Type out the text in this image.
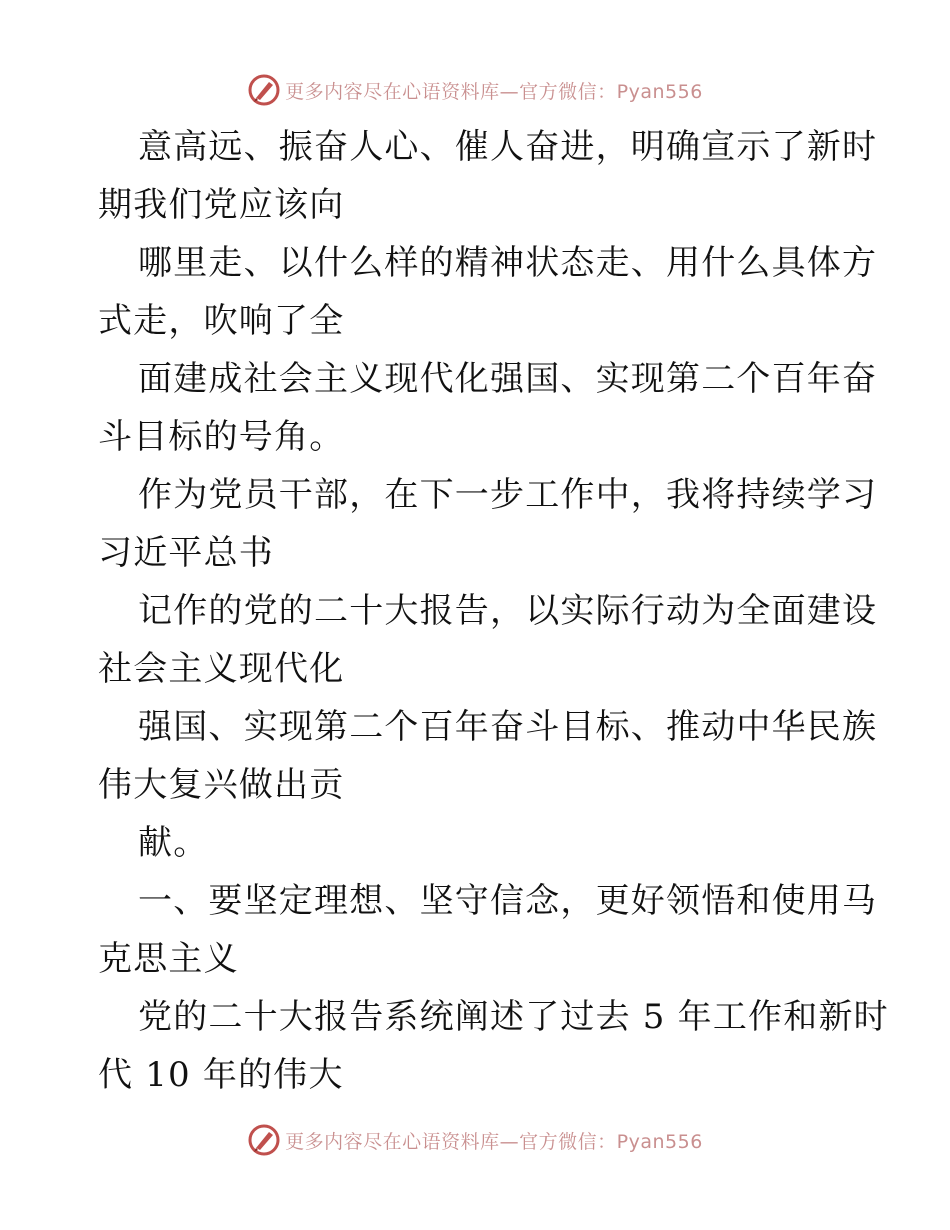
更多内容尽在心语资料库—官方微信：Pyan556
意高远、振奋人心、催人奋进，明确宣示了新时
期我们党应该向
哪里走、以什么样的精神状态走、用什么具体方
式走，吹响了全
面建成社会主义现代化强国、实现第二个百年奋
斗目标的号角。
作为党员干部，在下一步工作中，我将持续学习
习近平总书
记作的党的二十大报告，以实际行动为全面建设
社会主义现代化
强国、实现第二个百年奋斗目标、推动中华民族
伟大复兴做出贡
献。
一、要坚定理想、坚守信念，更好领悟和使用马
克思主义
党的二十大报告系统阐述了过去 5 年工作和新时
代 10 年的伟大
更多内容尽在心语资料库—官方微信：Pyan556
